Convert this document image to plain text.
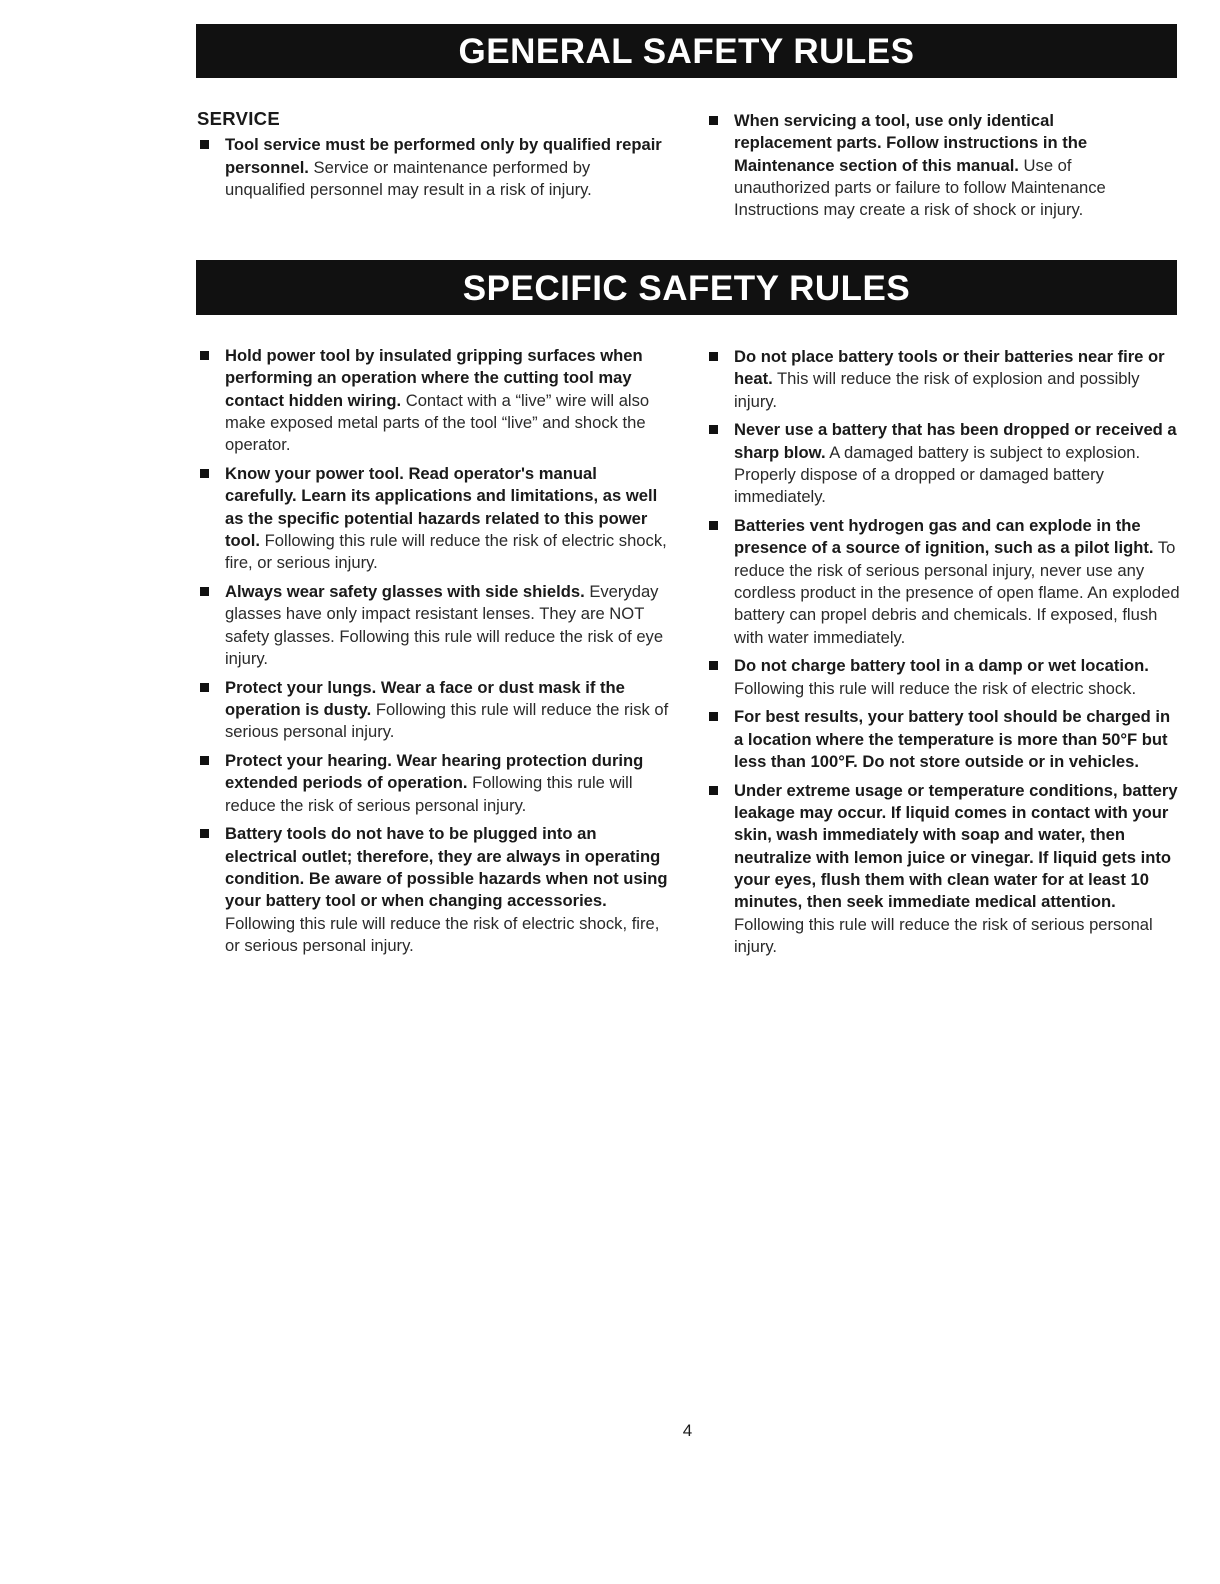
GENERAL SAFETY RULES
SERVICE
Tool service must be performed only by qualified repair personnel. Service or maintenance performed by unqualified personnel may result in a risk of injury.
When servicing a tool, use only identical replacement parts. Follow instructions in the Maintenance section of this manual. Use of unauthorized parts or failure to follow Maintenance Instructions may create a risk of shock or injury.
SPECIFIC SAFETY RULES
Hold power tool by insulated gripping surfaces when performing an operation where the cutting tool may contact hidden wiring. Contact with a “live” wire will also make exposed metal parts of the tool “live” and shock the operator.
Know your power tool. Read operator's manual carefully. Learn its applications and limitations, as well as the specific potential hazards related to this power tool. Following this rule will reduce the risk of electric shock, fire, or serious injury.
Always wear safety glasses with side shields. Everyday glasses have only impact resistant lenses. They are NOT safety glasses. Following this rule will reduce the risk of eye injury.
Protect your lungs. Wear a face or dust mask if the operation is dusty. Following this rule will reduce the risk of serious personal injury.
Protect your hearing. Wear hearing protection during extended periods of operation. Following this rule will reduce the risk of serious personal injury.
Battery tools do not have to be plugged into an electrical outlet; therefore, they are always in operating condition. Be aware of possible hazards when not using your battery tool or when changing accessories. Following this rule will reduce the risk of electric shock, fire, or serious personal injury.
Do not place battery tools or their batteries near fire or heat. This will reduce the risk of explosion and possibly injury.
Never use a battery that has been dropped or received a sharp blow. A damaged battery is subject to explosion. Properly dispose of a dropped or damaged battery immediately.
Batteries vent hydrogen gas and can explode in the presence of a source of ignition, such as a pilot light. To reduce the risk of serious personal injury, never use any cordless product in the presence of open flame. An exploded battery can propel debris and chemicals. If exposed, flush with water immediately.
Do not charge battery tool in a damp or wet location. Following this rule will reduce the risk of electric shock.
For best results, your battery tool should be charged in a location where the temperature is more than 50°F but less than 100°F. Do not store outside or in vehicles.
Under extreme usage or temperature conditions, battery leakage may occur. If liquid comes in contact with your skin, wash immediately with soap and water, then neutralize with lemon juice or vinegar. If liquid gets into your eyes, flush them with clean water for at least 10 minutes, then seek immediate medical attention. Following this rule will reduce the risk of serious personal injury.
4
